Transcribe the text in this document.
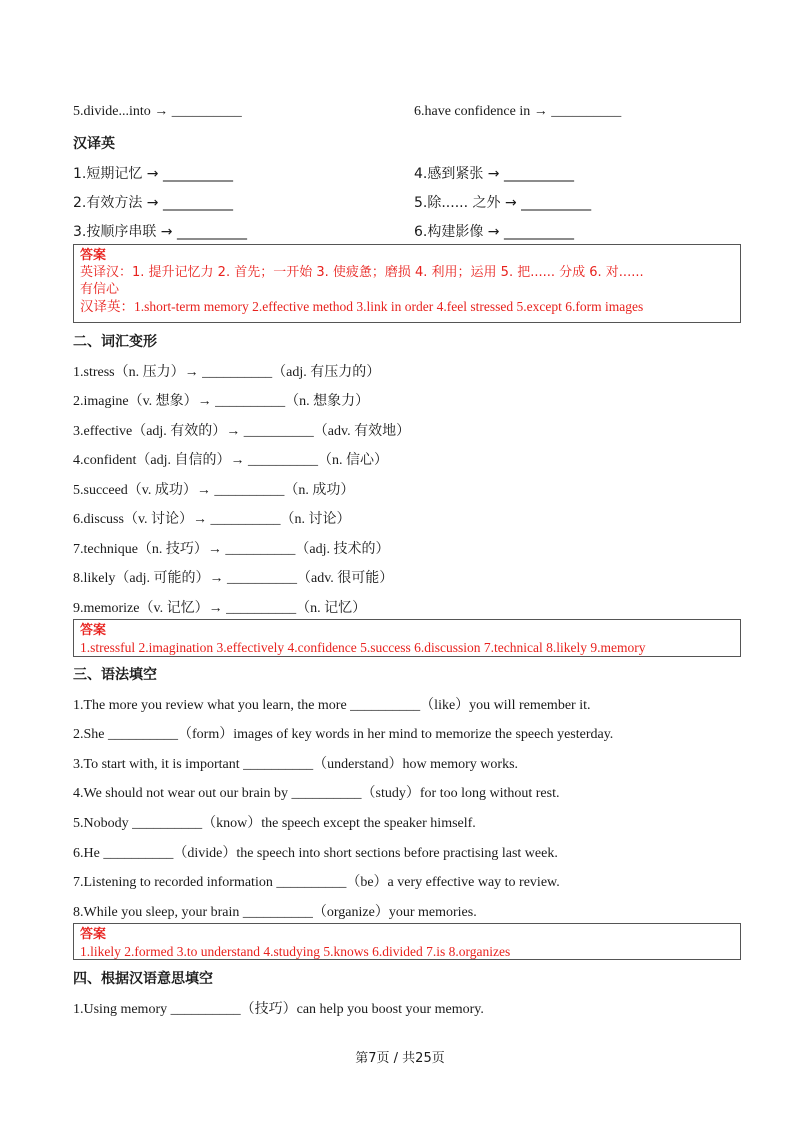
5.divide...into → __________	6.have confidence in → __________
汉译英
1.短期记忆 → __________	4.感到紧张 → __________
2.有效方法 → __________	5.除...... 之外 → __________
3.按顺序串联 → __________	6.构建影像 → __________
答案
英译汉：1. 提升记忆力 2. 首先；一开始 3. 使疲惫；磨损 4. 利用；运用 5. 把...... 分成 6. 对......
有信心
汉译英：1.short-term memory 2.effective method 3.link in order 4.feel stressed 5.except 6.form images
二、词汇变形
1.stress（n. 压力）→ __________（adj. 有压力的）
2.imagine（v. 想象）→ __________（n. 想象力）
3.effective（adj. 有效的）→ __________（adv. 有效地）
4.confident（adj. 自信的）→ __________（n. 信心）
5.succeed（v. 成功）→ __________（n. 成功）
6.discuss（v. 讨论）→ __________（n. 讨论）
7.technique（n. 技巧）→ __________（adj. 技术的）
8.likely（adj. 可能的）→ __________（adv. 很可能）
9.memorize（v. 记忆）→ __________（n. 记忆）
答案
1.stressful 2.imagination 3.effectively 4.confidence 5.success 6.discussion 7.technical 8.likely 9.memory
三、语法填空
1.The more you review what you learn, the more __________（like）you will remember it.
2.She __________（form）images of key words in her mind to memorize the speech yesterday.
3.To start with, it is important __________（understand）how memory works.
4.We should not wear out our brain by __________（study）for too long without rest.
5.Nobody __________（know）the speech except the speaker himself.
6.He __________（divide）the speech into short sections before practising last week.
7.Listening to recorded information __________（be）a very effective way to review.
8.While you sleep, your brain __________（organize）your memories.
答案
1.likely 2.formed 3.to understand 4.studying 5.knows 6.divided 7.is 8.organizes
四、根据汉语意思填空
1.Using memory __________（技巧）can help you boost your memory.
第7页 / 共25页
